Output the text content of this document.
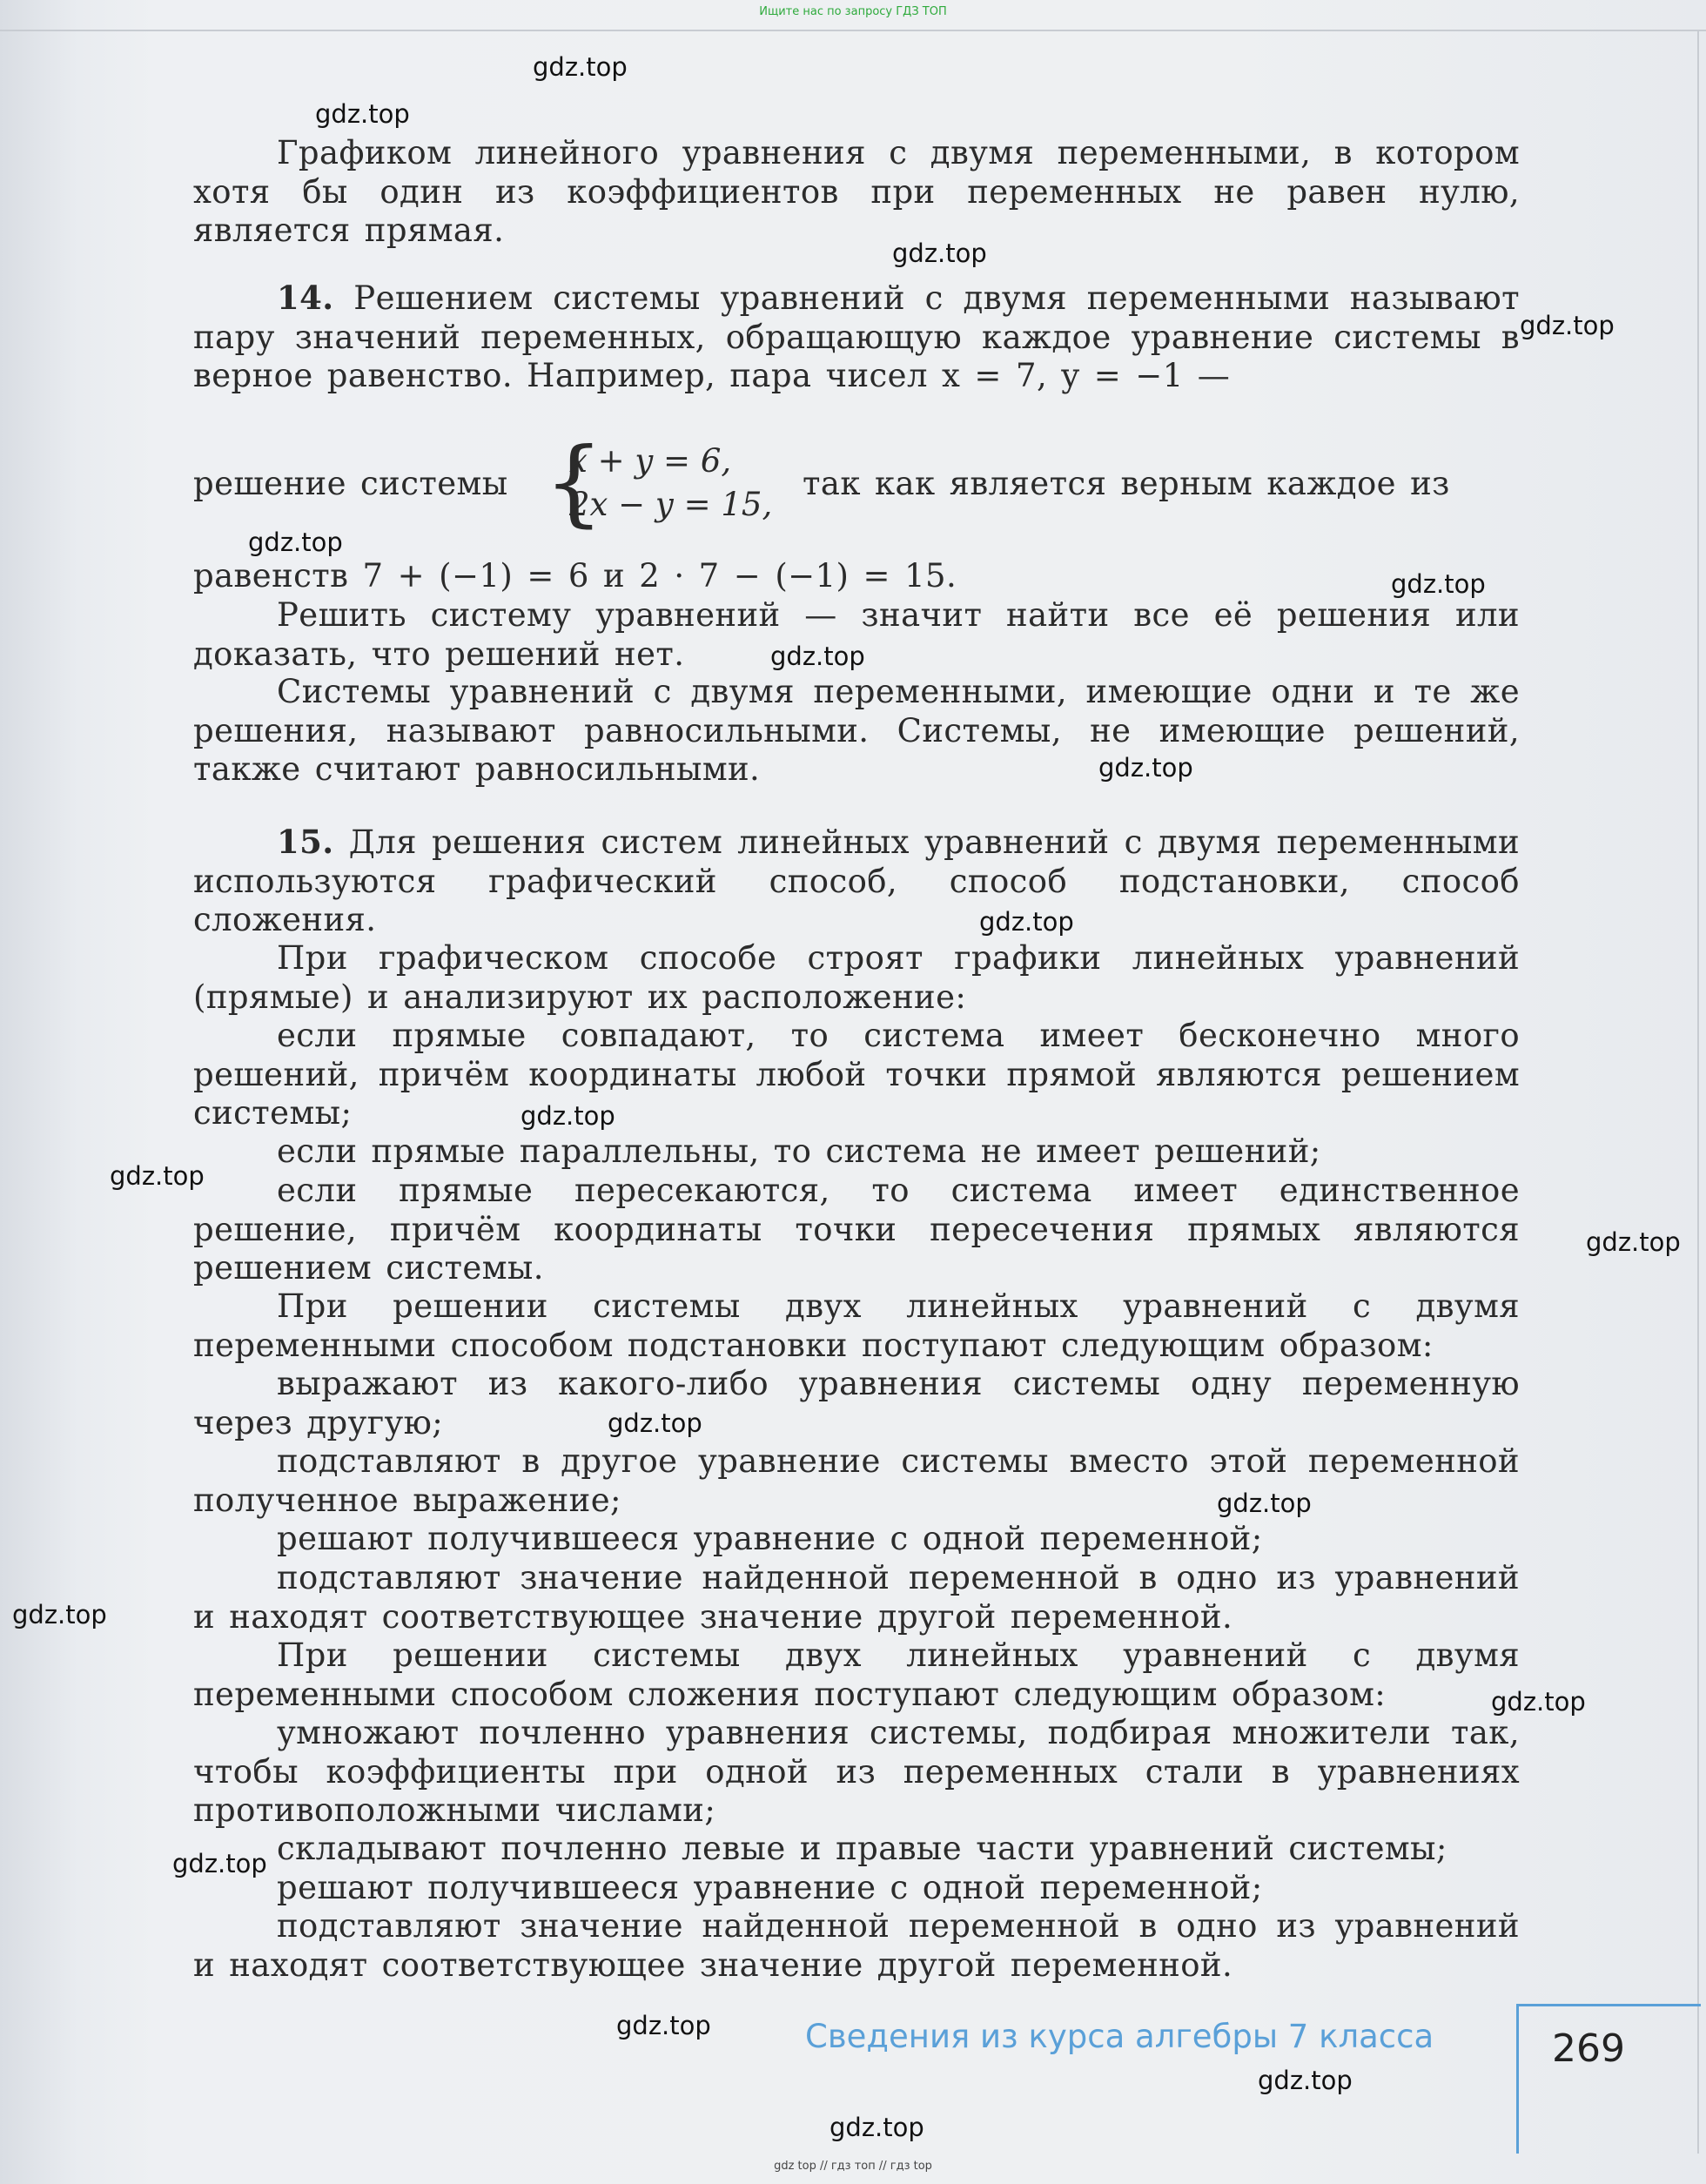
Ищите нас по запросу ГДЗ ТОП
gdz.top
gdz.top
gdz.top
gdz.top
gdz.top
gdz.top
gdz.top
gdz.top
gdz.top
gdz.top
gdz.top
gdz.top
gdz.top
gdz.top
gdz.top
gdz.top
gdz.top
gdz.top
gdz.top
gdz.top
Графиком линейного уравнения с двумя переменными, в котором хотя бы один из коэффициентов при переменных не равен нулю, является прямая.
14. Решением системы уравнений с двумя переменными называют пару значений переменных, обращающую каждое уравнение системы в верное равенство. Например, пара чисел x = 7, y = −1 —
решение системы {
x + y = 6,
2x − y = 15,
так как является верным каждое из
равенств 7 + (−1) = 6 и 2 · 7 − (−1) = 15.
Решить систему уравнений — значит найти все её решения или доказать, что решений нет.
Системы уравнений с двумя переменными, имеющие одни и те же решения, называют равносильными. Системы, не имеющие решений, также считают равносильными.
15. Для решения систем линейных уравнений с двумя переменными используются графический способ, способ подстановки, способ сложения.
При графическом способе строят графики линейных уравнений (прямые) и анализируют их расположение:
если прямые совпадают, то система имеет бесконечно много решений, причём координаты любой точки прямой являются решением системы;
если прямые параллельны, то система не имеет решений;
если прямые пересекаются, то система имеет единственное решение, причём координаты точки пересечения прямых являются решением системы.
При решении системы двух линейных уравнений с двумя переменными способом подстановки поступают следующим образом:
выражают из какого-либо уравнения системы одну переменную через другую;
подставляют в другое уравнение системы вместо этой переменной полученное выражение;
решают получившееся уравнение с одной переменной;
подставляют значение найденной переменной в одно из уравнений и находят соответствующее значение другой переменной.
При решении системы двух линейных уравнений с двумя переменными способом сложения поступают следующим образом:
умножают почленно уравнения системы, подбирая множители так, чтобы коэффициенты при одной из переменных стали в уравнениях противоположными числами;
складывают почленно левые и правые части уравнений системы;
решают получившееся уравнение с одной переменной;
подставляют значение найденной переменной в одно из уравнений и находят соответствующее значение другой переменной.
Сведения из курса алгебры 7 класса	269
gdz top // гдз топ // гдз top
